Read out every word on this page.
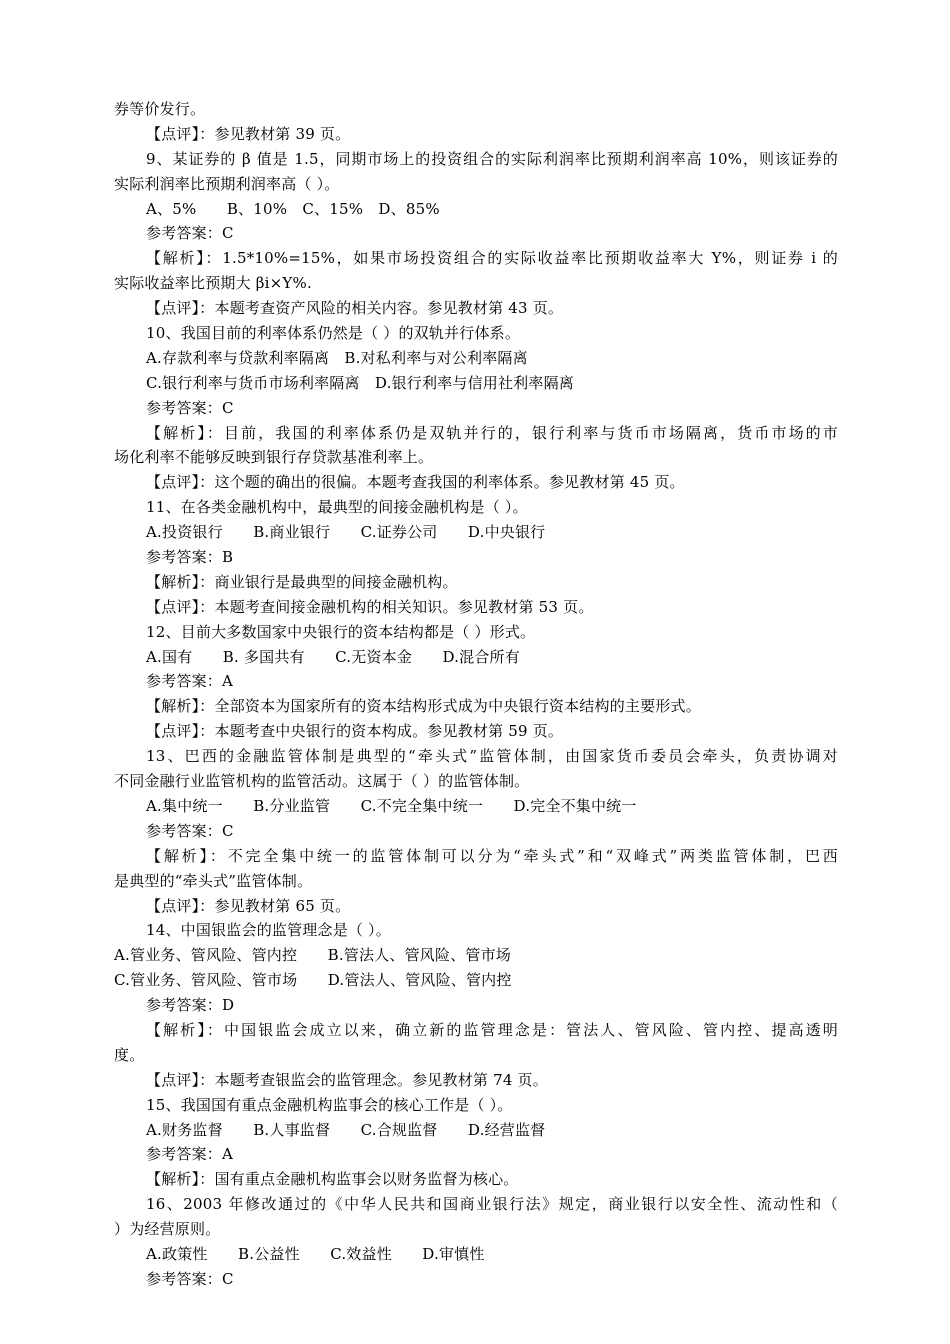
券等价发行。
【点评】：参见教材第 39 页。
9、某证券的 β 值是 1.5，同期市场上的投资组合的实际利润率比预期利润率高 10%，则该证券的
实际利润率比预期利润率高（ ）。
A、5%　　B、10%　C、15%　D、85%
参考答案：C
【解析】：1.5*10%=15%，如果市场投资组合的实际收益率比预期收益率大 Y%，则证券 i 的
实际收益率比预期大 βi×Y%.
【点评】：本题考查资产风险的相关内容。参见教材第 43 页。
10、我国目前的利率体系仍然是（ ）的双轨并行体系。
A.存款利率与贷款利率隔离　B.对私利率与对公利率隔离
C.银行利率与货币市场利率隔离　D.银行利率与信用社利率隔离
参考答案：C
【解析】：目前，我国的利率体系仍是双轨并行的，银行利率与货币市场隔离，货币市场的市
场化利率不能够反映到银行存贷款基准利率上。
【点评】：这个题的确出的很偏。本题考查我国的利率体系。参见教材第 45 页。
11、在各类金融机构中，最典型的间接金融机构是（ ）。
A.投资银行　　B.商业银行　　C.证券公司　　D.中央银行
参考答案：B
【解析】：商业银行是最典型的间接金融机构。
【点评】：本题考查间接金融机构的相关知识。参见教材第 53 页。
12、目前大多数国家中央银行的资本结构都是（ ）形式。
A.国有　　B. 多国共有　　C.无资本金　　D.混合所有
参考答案：A
【解析】：全部资本为国家所有的资本结构形式成为中央银行资本结构的主要形式。
【点评】：本题考查中央银行的资本构成。参见教材第 59 页。
13、巴西的金融监管体制是典型的“牵头式”监管体制，由国家货币委员会牵头，负责协调对
不同金融行业监管机构的监管活动。这属于（ ）的监管体制。
A.集中统一　　B.分业监管　　C.不完全集中统一　　D.完全不集中统一
参考答案：C
【解析】：不完全集中统一的监管体制可以分为“牵头式”和“双峰式”两类监管体制，巴西
是典型的“牵头式”监管体制。
【点评】：参见教材第 65 页。
14、中国银监会的监管理念是（ ）。
A.管业务、管风险、管内控　　B.管法人、管风险、管市场
C.管业务、管风险、管市场　　D.管法人、管风险、管内控
参考答案：D
【解析】：中国银监会成立以来，确立新的监管理念是：管法人、管风险、管内控、提高透明
度。
【点评】：本题考查银监会的监管理念。参见教材第 74 页。
15、我国国有重点金融机构监事会的核心工作是（ ）。
A.财务监督　　B.人事监督　　C.合规监督　　D.经营监督
参考答案：A
【解析】：国有重点金融机构监事会以财务监督为核心。
16、2003 年修改通过的《中华人民共和国商业银行法》规定，商业银行以安全性、流动性和（
）为经营原则。
A.政策性　　B.公益性　　C.效益性　　D.审慎性
参考答案：C
